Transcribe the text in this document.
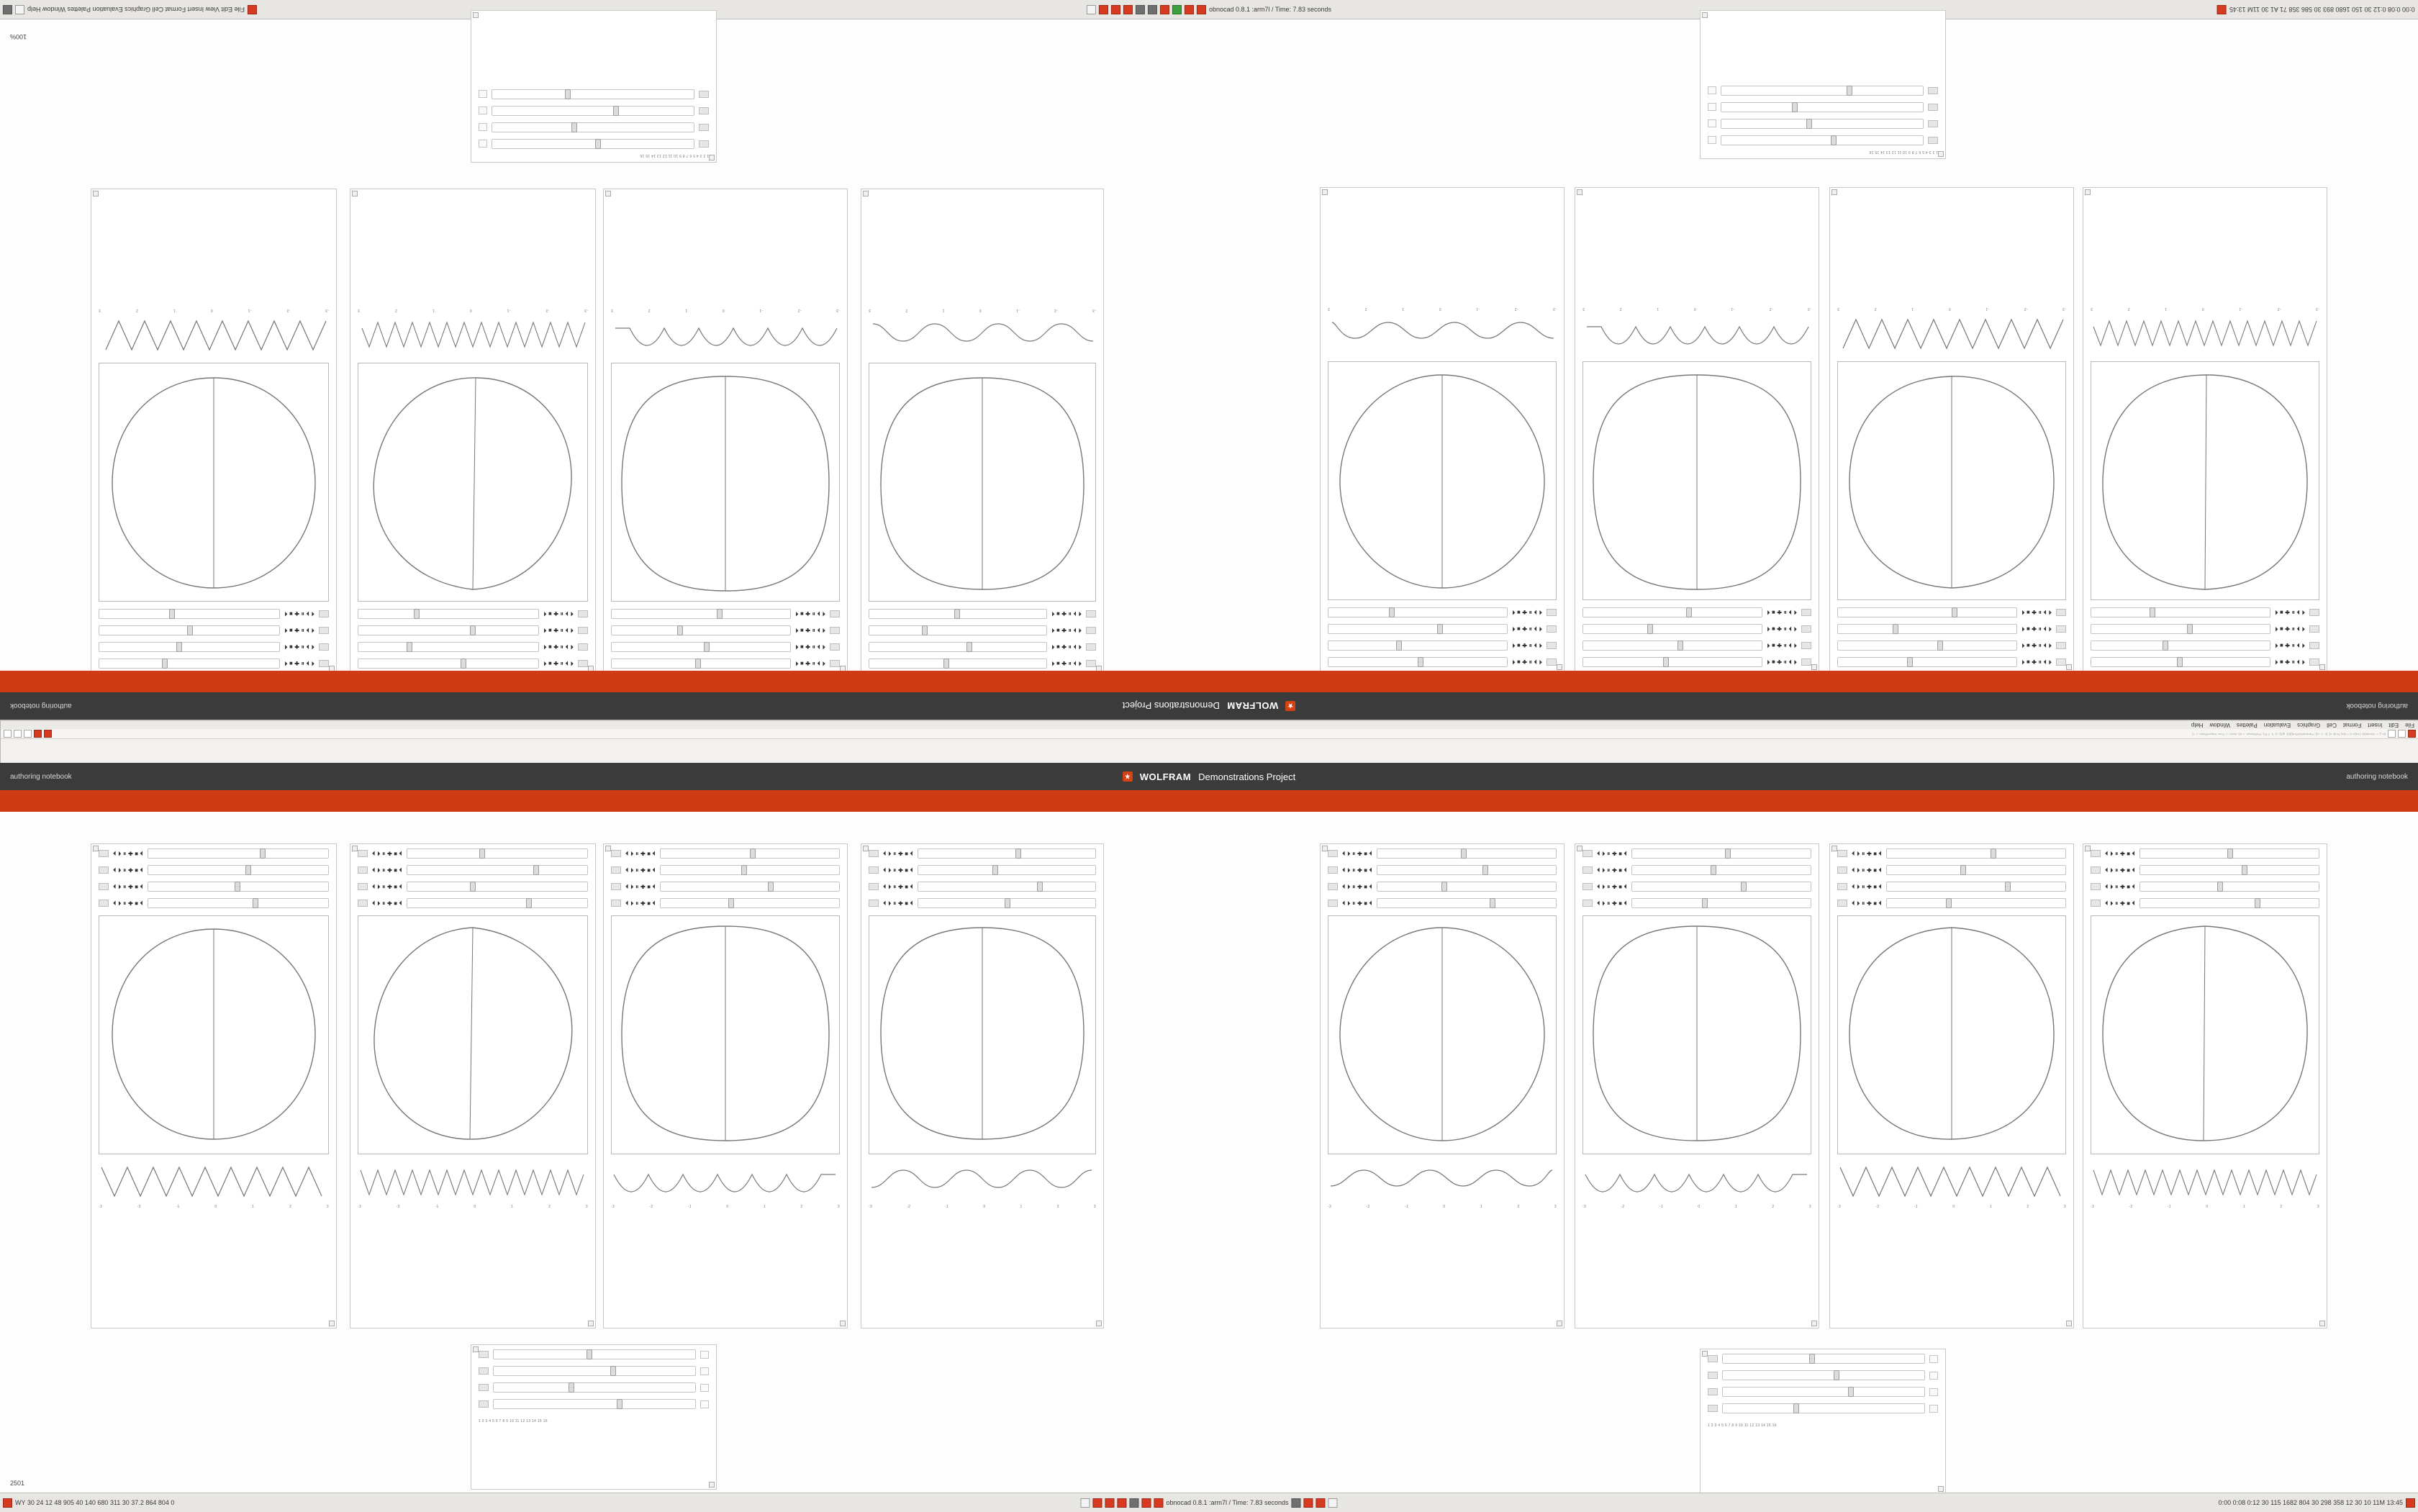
File Edit View Insert Format Cell Graphics Evaluation Palettes Window Help	obnocad 0.8.1 :arm7l / Time: 7.83 seconds	0:00 0:08 0:12 30 150 1680 893 30 586 358 71 A1 30 11M 13:45
100%
1 2 3 4 5 6 7 8 9 10 11 12 13 14 15 16
1 2 3 4 5 6 7 8 9 10 11 12 13 14 15 16
⏴ ⏵ ⏸ ✚ ⏹ ⏴
⏴ ⏵ ⏸ ✚ ⏹ ⏴
⏴ ⏵ ⏸ ✚ ⏹ ⏴
⏴ ⏵ ⏸ ✚ ⏹ ⏴
-3
-2
-1
0
1
2
3
⏴ ⏵ ⏸ ✚ ⏹ ⏴
⏴ ⏵ ⏸ ✚ ⏹ ⏴
⏴ ⏵ ⏸ ✚ ⏹ ⏴
⏴ ⏵ ⏸ ✚ ⏹ ⏴
-3
-2
-1
0
1
2
3
⏴ ⏵ ⏸ ✚ ⏹ ⏴
⏴ ⏵ ⏸ ✚ ⏹ ⏴
⏴ ⏵ ⏸ ✚ ⏹ ⏴
⏴ ⏵ ⏸ ✚ ⏹ ⏴
-3
-2
-1
0
1
2
3
⏴ ⏵ ⏸ ✚ ⏹ ⏴
⏴ ⏵ ⏸ ✚ ⏹ ⏴
⏴ ⏵ ⏸ ✚ ⏹ ⏴
⏴ ⏵ ⏸ ✚ ⏹ ⏴
-3
-2
-1
0
1
2
3
⏴ ⏵ ⏸ ✚ ⏹ ⏴
⏴ ⏵ ⏸ ✚ ⏹ ⏴
⏴ ⏵ ⏸ ✚ ⏹ ⏴
⏴ ⏵ ⏸ ✚ ⏹ ⏴
-3
-2
-1
0
1
2
3
⏴ ⏵ ⏸ ✚ ⏹ ⏴
⏴ ⏵ ⏸ ✚ ⏹ ⏴
⏴ ⏵ ⏸ ✚ ⏹ ⏴
⏴ ⏵ ⏸ ✚ ⏹ ⏴
-3
-2
-1
0
1
2
3
⏴ ⏵ ⏸ ✚ ⏹ ⏴
⏴ ⏵ ⏸ ✚ ⏹ ⏴
⏴ ⏵ ⏸ ✚ ⏹ ⏴
⏴ ⏵ ⏸ ✚ ⏹ ⏴
-3
-2
-1
0
1
2
3
⏴ ⏵ ⏸ ✚ ⏹ ⏴
⏴ ⏵ ⏸ ✚ ⏹ ⏴
⏴ ⏵ ⏸ ✚ ⏹ ⏴
⏴ ⏵ ⏸ ✚ ⏹ ⏴
-3
-2
-1
0
1
2
3
authoring notebook
WOLFRAM
Demonstrations Project
authoring notebook
File
Edit
Insert
Format
Cell
Graphics
Evaluation
Palettes
Window
Help
f[x_] := Sum[a[k] Cos[k x] + b[k] Sin[k x], {k, 1, n}]; ParametricPlot[{f[t], g[t]}, {t, 0, 2 Pi}, PlotRange -> All, Axes -> True, AspectRatio -> 1]
authoring notebook	WOLFRAM Demonstrations Project	authoring notebook
⏴ ⏵ ⏸ ✚ ⏹ ⏴
⏴ ⏵ ⏸ ✚ ⏹ ⏴
⏴ ⏵ ⏸ ✚ ⏹ ⏴
⏴ ⏵ ⏸ ✚ ⏹ ⏴
-3	-2	-1	0	1	2	3
⏴ ⏵ ⏸ ✚ ⏹ ⏴
⏴ ⏵ ⏸ ✚ ⏹ ⏴
⏴ ⏵ ⏸ ✚ ⏹ ⏴
⏴ ⏵ ⏸ ✚ ⏹ ⏴
-3	-2	-1	0	1	2	3
⏴ ⏵ ⏸ ✚ ⏹ ⏴
⏴ ⏵ ⏸ ✚ ⏹ ⏴
⏴ ⏵ ⏸ ✚ ⏹ ⏴
⏴ ⏵ ⏸ ✚ ⏹ ⏴
-3	-2	-1	0	1	2	3
⏴ ⏵ ⏸ ✚ ⏹ ⏴
⏴ ⏵ ⏸ ✚ ⏹ ⏴
⏴ ⏵ ⏸ ✚ ⏹ ⏴
⏴ ⏵ ⏸ ✚ ⏹ ⏴
-3	-2	-1	0	1	2	3
⏴ ⏵ ⏸ ✚ ⏹ ⏴
⏴ ⏵ ⏸ ✚ ⏹ ⏴
⏴ ⏵ ⏸ ✚ ⏹ ⏴
⏴ ⏵ ⏸ ✚ ⏹ ⏴
-3	-2	-1	0	1	2	3
⏴ ⏵ ⏸ ✚ ⏹ ⏴
⏴ ⏵ ⏸ ✚ ⏹ ⏴
⏴ ⏵ ⏸ ✚ ⏹ ⏴
⏴ ⏵ ⏸ ✚ ⏹ ⏴
-3	-2	-1	0	1	2	3
⏴ ⏵ ⏸ ✚ ⏹ ⏴
⏴ ⏵ ⏸ ✚ ⏹ ⏴
⏴ ⏵ ⏸ ✚ ⏹ ⏴
⏴ ⏵ ⏸ ✚ ⏹ ⏴
-3	-2	-1	0	1	2	3
⏴ ⏵ ⏸ ✚ ⏹ ⏴
⏴ ⏵ ⏸ ✚ ⏹ ⏴
⏴ ⏵ ⏸ ✚ ⏹ ⏴
⏴ ⏵ ⏸ ✚ ⏹ ⏴
-3	-2	-1	0	1	2	3
1 2 3 4 5 6 7 8 9 10 11 12 13 14 15 16
1 2 3 4 5 6 7 8 9 10 11 12 13 14 15 16
2501
WY 30 24 12 48 905 40 140 680 311 30 37.2 864 804 0	obnocad 0.8.1 :arm7l / Time: 7.83 seconds	0:00 0:08 0:12 30 115 1682 804 30 298 358 12 30 10 11M 13:45
